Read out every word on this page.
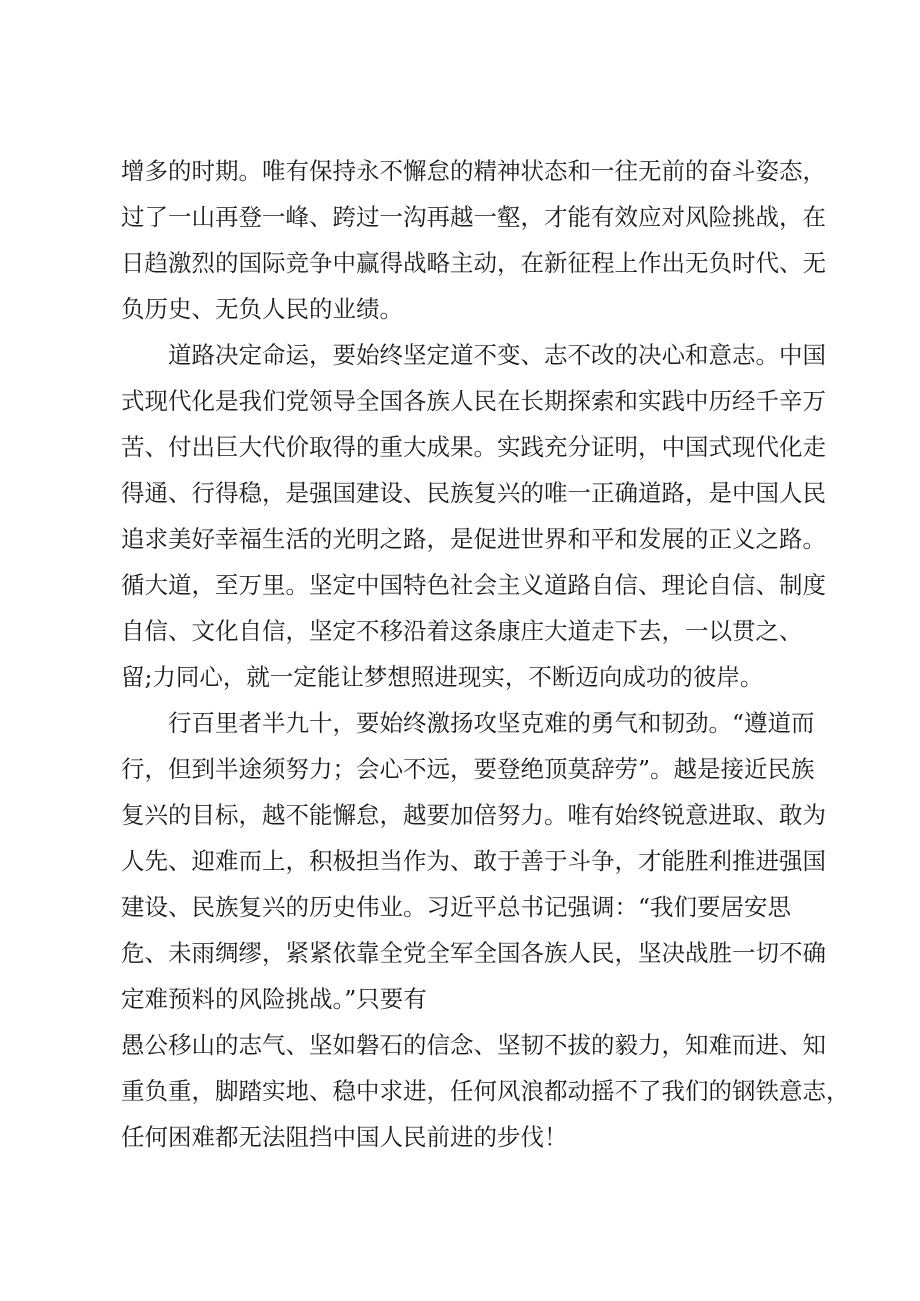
增多的时期。唯有保持永不懈怠的精神状态和一往无前的奋斗姿态，
过了一山再登一峰、跨过一沟再越一壑，才能有效应对风险挑战，在
日趋激烈的国际竞争中赢得战略主动，在新征程上作出无负时代、无
负历史、无负人民的业绩。
道路决定命运，要始终坚定道不变、志不改的决心和意志。中国
式现代化是我们党领导全国各族人民在长期探索和实践中历经千辛万
苦、付出巨大代价取得的重大成果。实践充分证明，中国式现代化走
得通、行得稳，是强国建设、民族复兴的唯一正确道路，是中国人民
追求美好幸福生活的光明之路，是促进世界和平和发展的正义之路。
循大道，至万里。坚定中国特色社会主义道路自信、理论自信、制度
自信、文化自信，坚定不移沿着这条康庄大道走下去，一以贯之、
留;力同心，就一定能让梦想照进现实，不断迈向成功的彼岸。
行百里者半九十，要始终激扬攻坚克难的勇气和韧劲。“遵道而
行，但到半途须努力；会心不远，要登绝顶莫辞劳”。越是接近民族
复兴的目标，越不能懈怠，越要加倍努力。唯有始终锐意进取、敢为
人先、迎难而上，积极担当作为、敢于善于斗争，才能胜利推进强国
建设、民族复兴的历史伟业。习近平总书记强调：“我们要居安思
危、未雨绸缪，紧紧依靠全党全军全国各族人民，坚决战胜一切不确
定难预料的风险挑战。”只要有
愚公移山的志气、坚如磐石的信念、坚韧不拔的毅力，知难而进、知
重负重，脚踏实地、稳中求进，任何风浪都动摇不了我们的钢铁意志，
任何困难都无法阻挡中国人民前进的步伐！
